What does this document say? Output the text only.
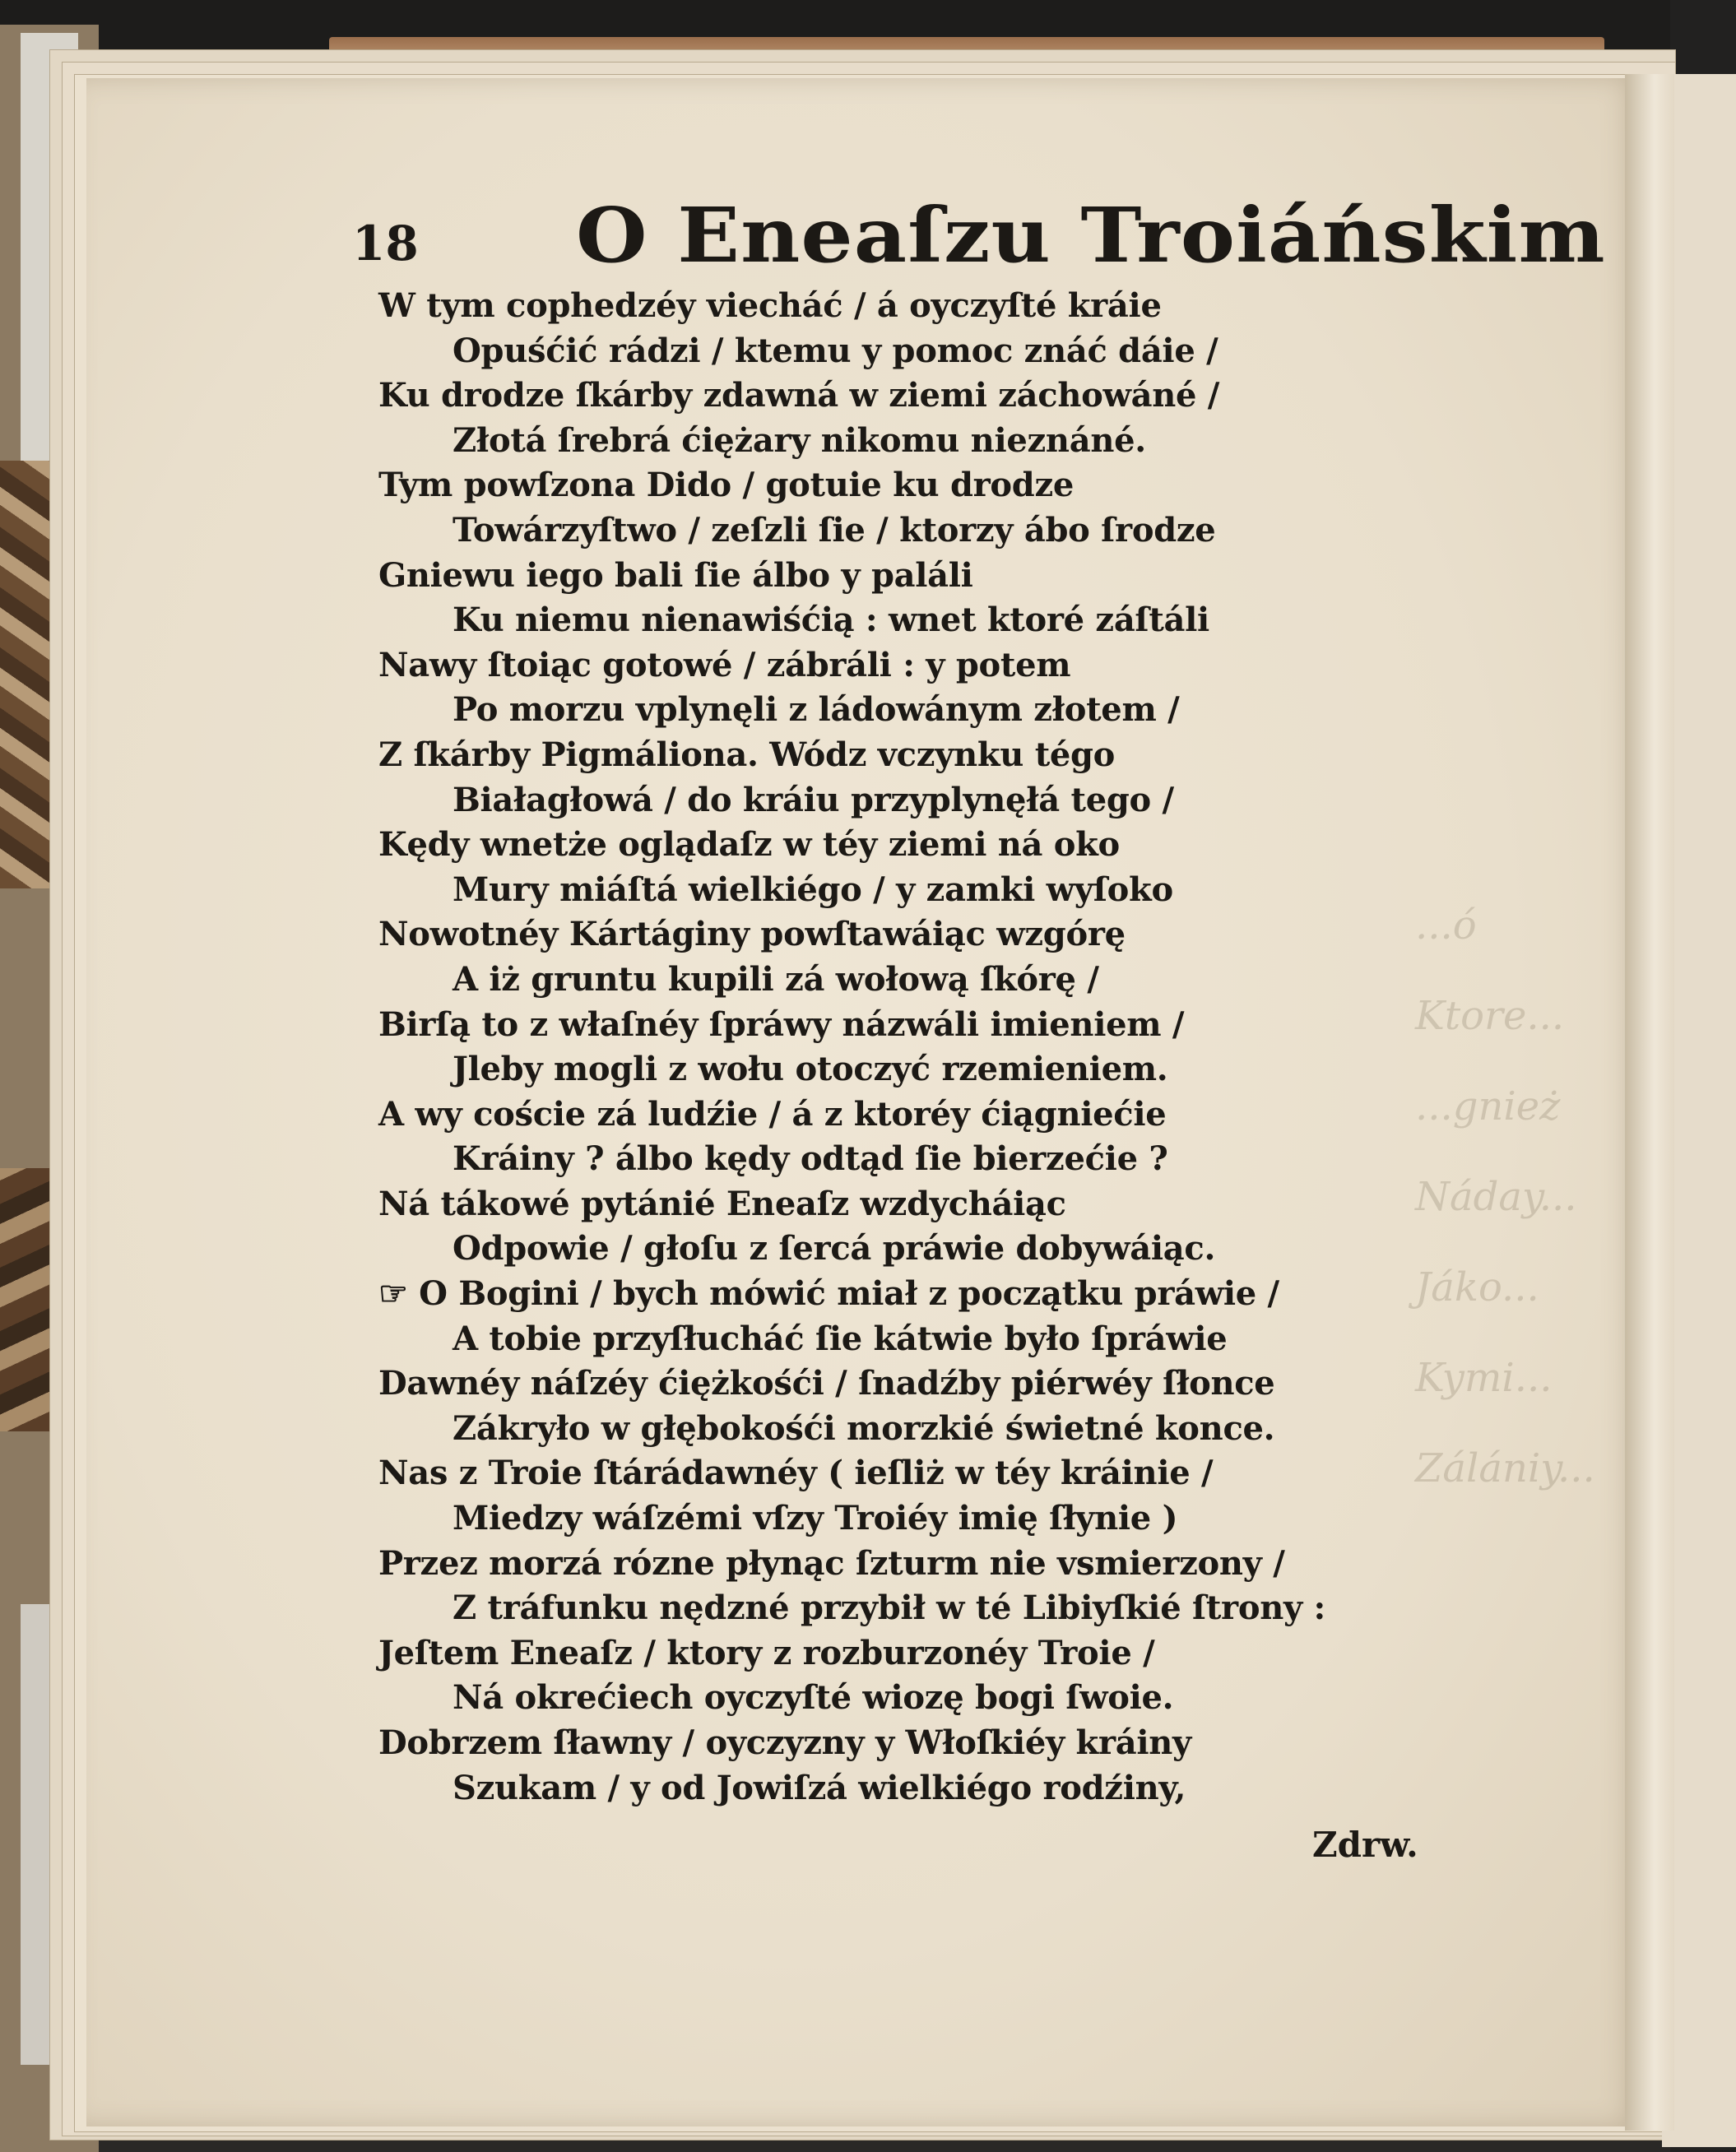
...ó
Ktore...
...gnież
Náday...
Jáko...
Kymi...
Zálániy...
18 O Eneaſzu Troiáńskim
W tym cophedzéy viecháć / á oyczyſté kráie
Opuśćić rádzi / ktemu y pomoc znáć dáie /
Ku drodze ſkárby zdawná w ziemi záchowáné /
Złotá ſrebrá ćiężary nikomu nieznáné.
Tym powſzona Dido / gotuie ku drodze
Towárzyſtwo / zeſzli ſie / ktorzy ábo ſrodze
Gniewu iego bali ſie álbo y paláli
Ku niemu nienawiśćią : wnet ktoré záſtáli
Nawy ſtoiąc gotowé / zábráli : y potem
Po morzu vplynęli z ládowánym złotem /
Z ſkárby Pigmáliona. Wódz vczynku tégo
Białagłowá / do kráiu przyplynęłá tego /
Kędy wnetże oglądaſz w téy ziemi ná oko
Mury miáſtá wielkiégo / y zamki wyſoko
Nowotnéy Kártáginy powſtawáiąc wzgórę
A iż gruntu kupili zá wołową ſkórę /
Birſą to z właſnéy ſpráwy názwáli imieniem /
Jleby mogli z wołu otoczyć rzemieniem.
A wy coście zá ludźie / á z ktoréy ćiągniećie
Kráiny ? álbo kędy odtąd ſie bierzećie ?
Ná tákowé pytánié Eneaſz wzdycháiąc
Odpowie / głoſu z ſercá práwie dobywáiąc.
☞ O Bogini / bych mówić miał z początku práwie /
A tobie przyſłucháć ſie kátwie było ſpráwie
Dawnéy náſzéy ćiężkośći / ſnadźby piérwéy ſłonce
Zákryło w głębokośći morzkié świetné konce.
Nas z Troie ſtárádawnéy ( ieſliż w téy kráinie /
Miedzy wáſzémi vſzy Troiéy imię ſłynie )
Przez morzá rózne płynąc ſzturm nie vsmierzony /
Z tráfunku nędzné przybił w té Libiyſkié ſtrony :
Jeſtem Eneaſz / ktory z rozburzonéy Troie /
Ná okrećiech oyczyſté wiozę bogi ſwoie.
Dobrzem ſławny / oyczyzny y Włoſkiéy kráiny
Szukam / y od Jowiſzá wielkiégo rodźiny,
Zdrw.
